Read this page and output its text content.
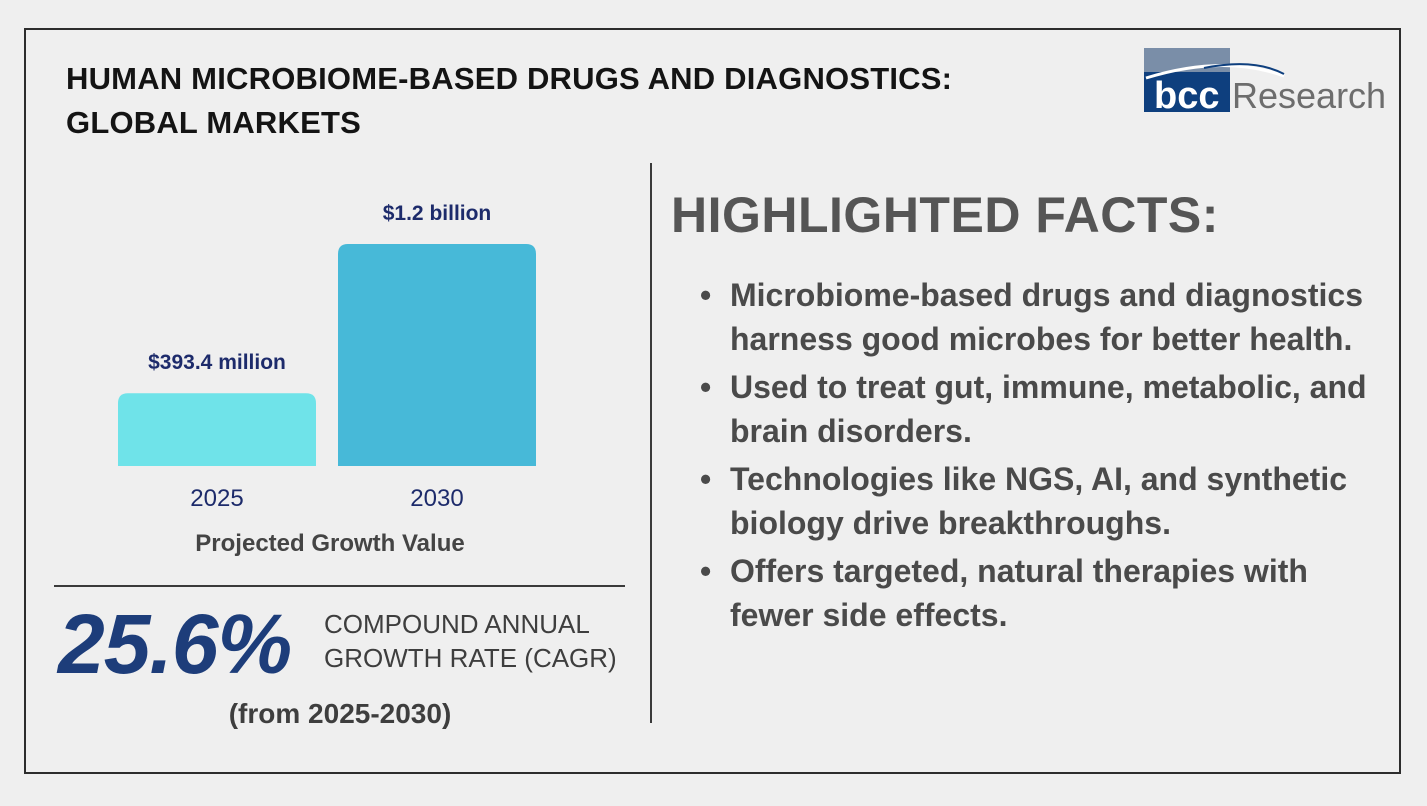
HUMAN MICROBIOME-BASED DRUGS AND DIAGNOSTICS:
GLOBAL MARKETS
bcc Research
$393.4 million
2025
$1.2 billion
2030
Projected Growth Value
25.6% COMPOUND ANNUAL
GROWTH RATE (CAGR)
(from 2025-2030)
HIGHLIGHTED FACTS:
• Microbiome-based drugs and diagnostics harness good microbes for better health.
• Used to treat gut, immune, metabolic, and brain disorders.
• Technologies like NGS, AI, and synthetic biology drive breakthroughs.
• Offers targeted, natural therapies with fewer side effects.
